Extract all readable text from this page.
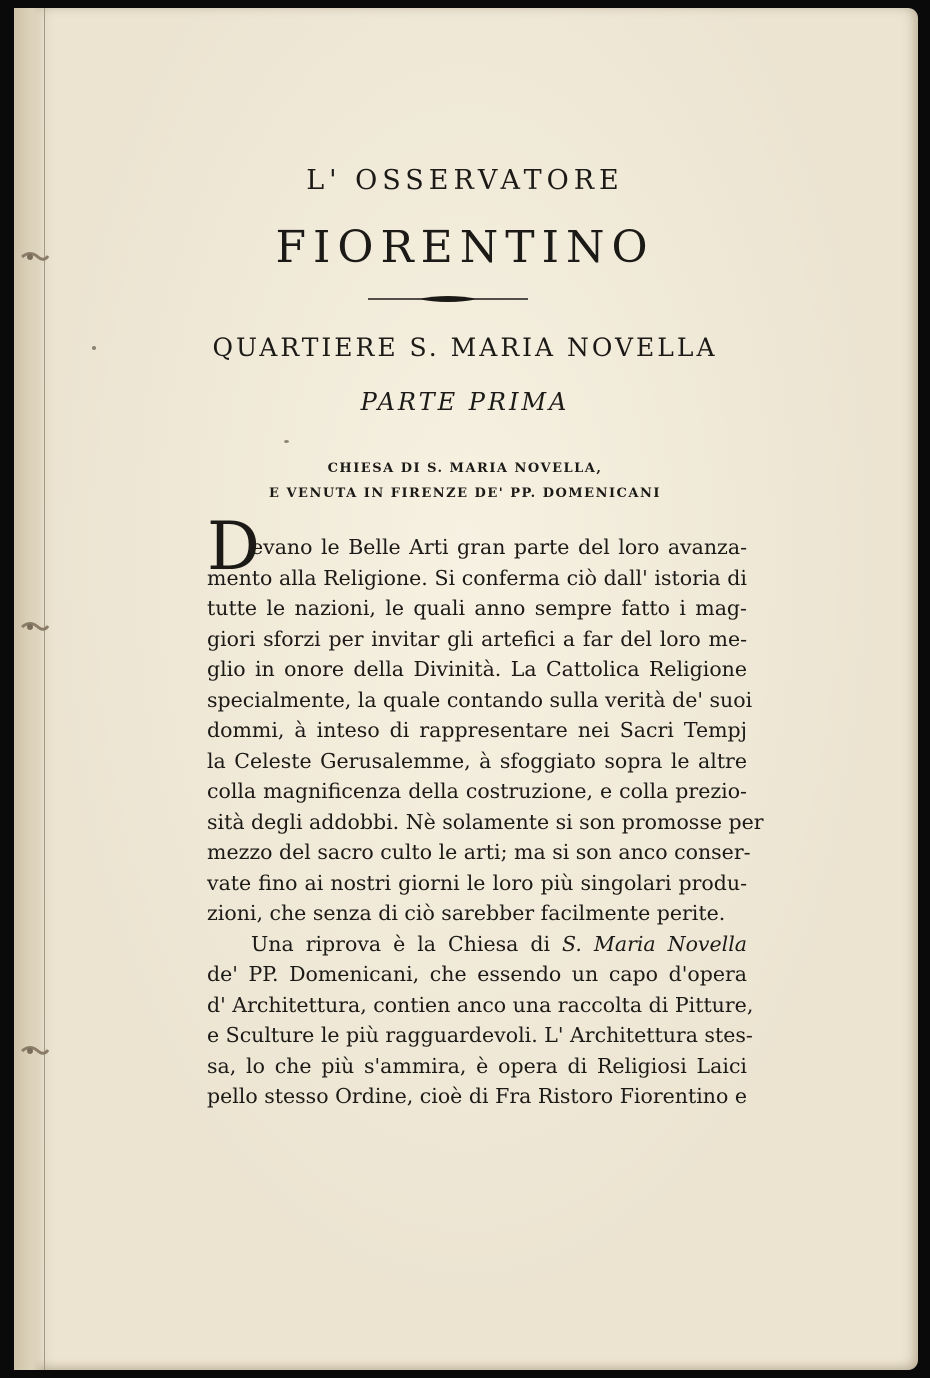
L' OSSERVATORE
FIORENTINO
QUARTIERE S. MARIA NOVELLA
PARTE PRIMA
CHIESA DI S. MARIA NOVELLA,
E VENUTA IN FIRENZE DE' PP. DOMENICANI
D
evano le Belle Arti gran parte del loro avanza-
mento alla Religione. Si conferma ciò dall' istoria di
tutte le nazioni, le quali anno sempre fatto i mag-
giori sforzi per invitar gli artefici a far del loro me-
glio in onore della Divinità. La Cattolica Religione
specialmente, la quale contando sulla verità de' suoi
dommi, à inteso di rappresentare nei Sacri Tempj
la Celeste Gerusalemme, à sfoggiato sopra le altre
colla magnificenza della costruzione, e colla prezio-
sità degli addobbi. Nè solamente si son promosse per
mezzo del sacro culto le arti; ma si son anco conser-
vate fino ai nostri giorni le loro più singolari produ-
zioni, che senza di ciò sarebber facilmente perite.
Una riprova è la Chiesa di S. Maria Novella
de' PP. Domenicani, che essendo un capo d'opera
d' Architettura, contien anco una raccolta di Pitture,
e Sculture le più ragguardevoli. L' Architettura stes-
sa, lo che più s'ammira, è opera di Religiosi Laici
pello stesso Ordine, cioè di Fra Ristoro Fiorentino e
